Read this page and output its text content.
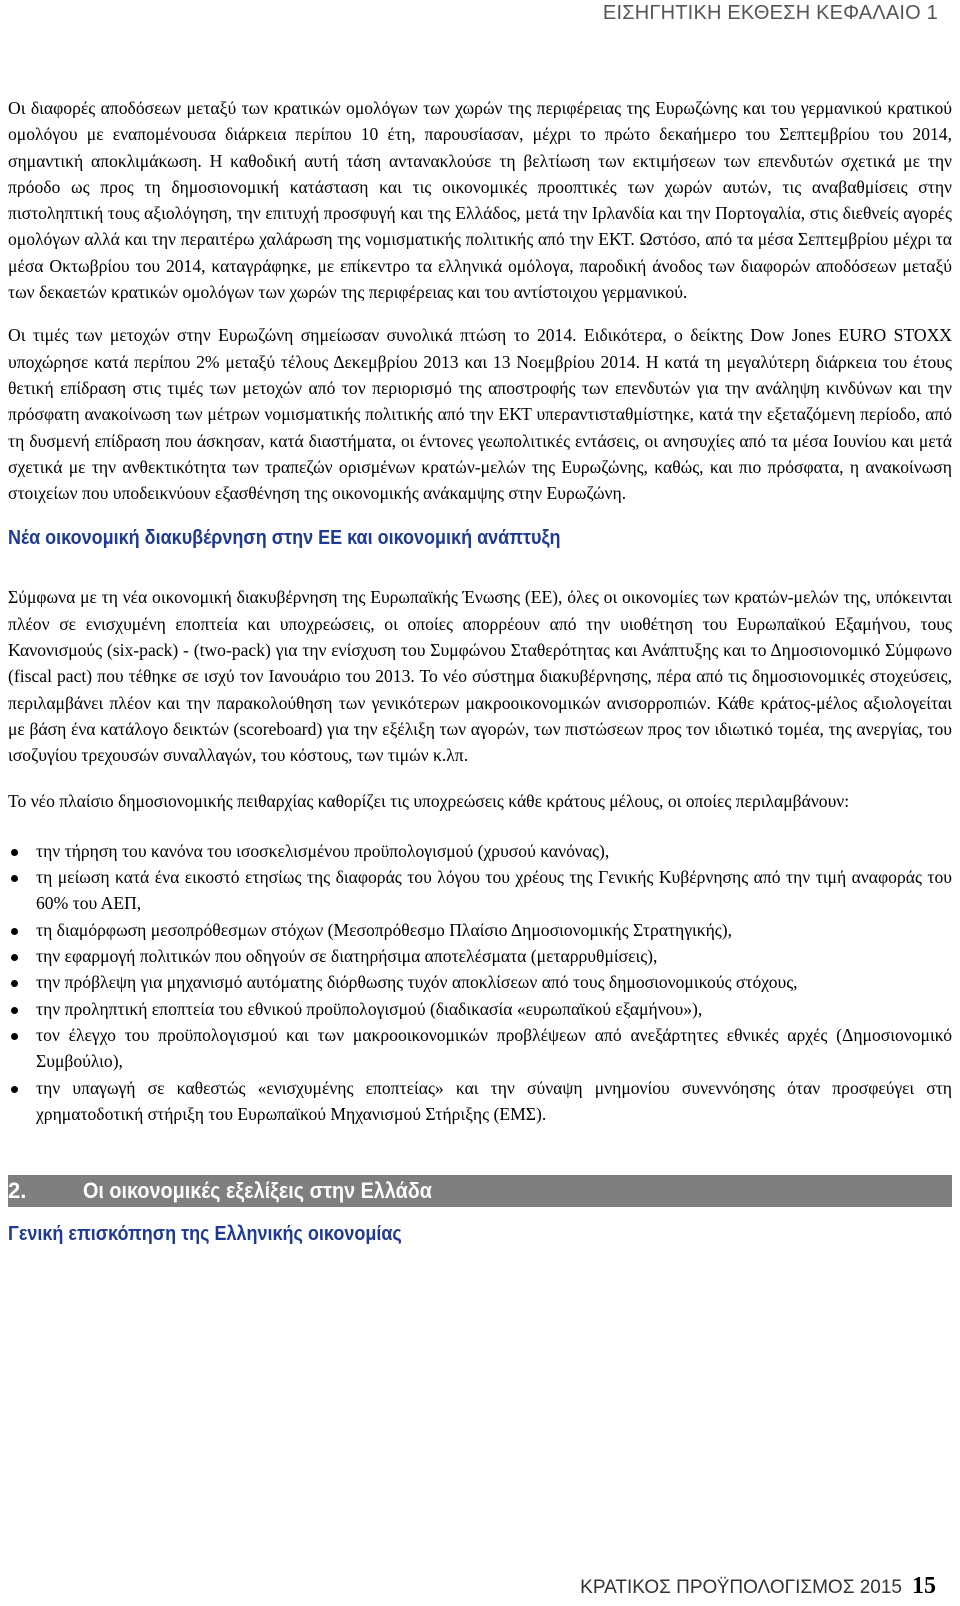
ΕΙΣΗΓΗΤΙΚΗ ΕΚΘΕΣΗ ΚΕΦΑΛΑΙΟ 1

Οι διαφορές αποδόσεων μεταξύ των κρατικών ομολόγων των χωρών της περιφέρειας της Ευρωζώνης και του γερμανικού κρατικού ομολόγου με εναπομένουσα διάρκεια περίπου 10 έτη, παρουσίασαν, μέχρι το πρώτο δεκαήμερο του Σεπτεμβρίου του 2014, σημαντική αποκλιμάκωση. Η καθοδική αυτή τάση αντανακλούσε τη βελτίωση των εκτιμήσεων των επενδυτών σχετικά με την πρόοδο ως προς τη δημοσιονομική κατάσταση και τις οικονομικές προοπτικές των χωρών αυτών, τις αναβαθμίσεις στην πιστοληπτική τους αξιολόγηση, την επιτυχή προσφυγή και της Ελλάδος, μετά την Ιρλανδία και την Πορτογαλία, στις διεθνείς αγορές ομολόγων αλλά και την περαιτέρω χαλάρωση της νομισματικής πολιτικής από την ΕΚΤ. Ωστόσο, από τα μέσα Σεπτεμβρίου μέχρι τα μέσα Οκτωβρίου του 2014, καταγράφηκε, με επίκεντρο τα ελληνικά ομόλογα, παροδική άνοδος των διαφορών αποδόσεων μεταξύ των δεκαετών κρατικών ομολόγων των χωρών της περιφέρειας και του αντίστοιχου γερμανικού.

Οι τιμές των μετοχών στην Ευρωζώνη σημείωσαν συνολικά πτώση το 2014. Ειδικότερα, ο δείκτης Dow Jones EURO STOXX υποχώρησε κατά περίπου 2% μεταξύ τέλους Δεκεμβρίου 2013 και 13 Νοεμβρίου 2014. Η κατά τη μεγαλύτερη διάρκεια του έτους θετική επίδραση στις τιμές των μετοχών από τον περιορισμό της αποστροφής των επενδυτών για την ανάληψη κινδύνων και την πρόσφατη ανακοίνωση των μέτρων νομισματικής πολιτικής από την ΕΚΤ υπεραντισταθμίστηκε, κατά την εξεταζόμενη περίοδο, από τη δυσμενή επίδραση που άσκησαν, κατά διαστήματα, οι έντονες γεωπολιτικές εντάσεις, οι ανησυχίες από τα μέσα Ιουνίου και μετά σχετικά με την ανθεκτικότητα των τραπεζών ορισμένων κρατών-μελών της Ευρωζώνης, καθώς, και πιο πρόσφατα, η ανακοίνωση στοιχείων που υποδεικνύουν εξασθένηση της οικονομικής ανάκαμψης στην Ευρωζώνη.

Νέα οικονομική διακυβέρνηση στην ΕΕ και οικονομική ανάπτυξη

Σύμφωνα με τη νέα οικονομική διακυβέρνηση της Ευρωπαϊκής Ένωσης (ΕΕ), όλες οι οικονομίες των κρατών-μελών της, υπόκεινται πλέον σε ενισχυμένη εποπτεία και υποχρεώσεις, οι οποίες απορρέουν από την υιοθέτηση του Ευρωπαϊκού Εξαμήνου, τους Κανονισμούς (six-pack) - (two-pack) για την ενίσχυση του Συμφώνου Σταθερότητας και Ανάπτυξης και το Δημοσιονομικό Σύμφωνο (fiscal pact) που τέθηκε σε ισχύ τον Ιανουάριο του 2013. Το νέο σύστημα διακυβέρνησης, πέρα από τις δημοσιονομικές στοχεύσεις, περιλαμβάνει πλέον και την παρακολούθηση των γενικότερων μακροοικονομικών ανισορροπιών. Κάθε κράτος-μέλος αξιολογείται με βάση ένα κατάλογο δεικτών (scoreboard) για την εξέλιξη των αγορών, των πιστώσεων προς τον ιδιωτικό τομέα, της ανεργίας, του ισοζυγίου τρεχουσών συναλλαγών, του κόστους, των τιμών κ.λπ.

Το νέο πλαίσιο δημοσιονομικής πειθαρχίας καθορίζει τις υποχρεώσεις κάθε κράτους μέλους, οι οποίες περιλαμβάνουν:

την τήρηση του κανόνα του ισοσκελισμένου προϋπολογισμού (χρυσού κανόνας),
τη μείωση κατά ένα εικοστό ετησίως της διαφοράς του λόγου του χρέους της Γενικής Κυβέρνησης από την τιμή αναφοράς του 60% του ΑΕΠ,
τη διαμόρφωση μεσοπρόθεσμων στόχων (Μεσοπρόθεσμο Πλαίσιο Δημοσιονομικής Στρατηγικής),
την εφαρμογή πολιτικών που οδηγούν σε διατηρήσιμα αποτελέσματα (μεταρρυθμίσεις),
την πρόβλεψη για μηχανισμό αυτόματης διόρθωσης τυχόν αποκλίσεων από τους δημοσιονομικούς στόχους,
την προληπτική εποπτεία του εθνικού προϋπολογισμού (διαδικασία «ευρωπαϊκού εξαμήνου»),
τον έλεγχο του προϋπολογισμού και των μακροοικονομικών προβλέψεων από ανεξάρτητες εθνικές αρχές (Δημοσιονομικό Συμβούλιο),
την υπαγωγή σε καθεστώς «ενισχυμένης εποπτείας» και την σύναψη μνημονίου συνεννόησης όταν προσφεύγει στη χρηματοδοτική στήριξη του Ευρωπαϊκού Μηχανισμού Στήριξης (ΕΜΣ).
2.	Οι οικονομικές εξελίξεις στην Ελλάδα
Γενική επισκόπηση της Ελληνικής οικονομίας
ΚΡΑΤΙΚΟΣ ΠΡΟΫΠΟΛΟΓΙΣΜΟΣ 2015 15
